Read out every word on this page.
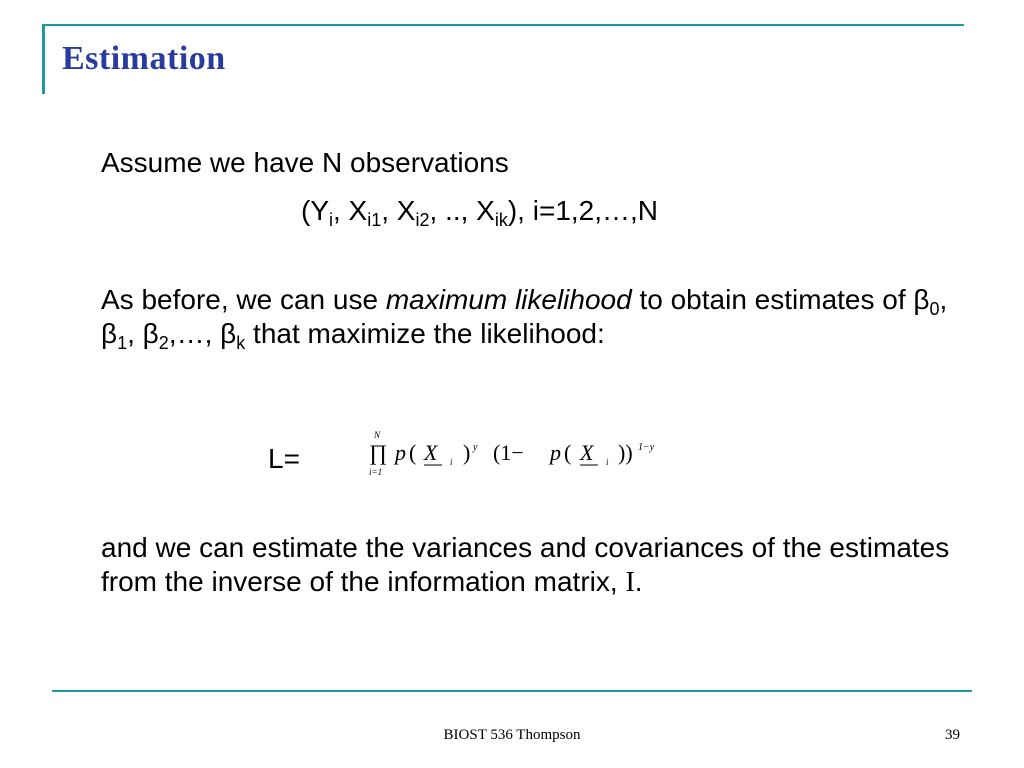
Estimation
Assume we have N observations
($Y_i$, $X_{i1}$, $X_{i2}$, .., $X_{ik}$), i=1,2,…,N
As before, we can use maximum likelihood to obtain estimates of $\beta_0$, $\beta_1$, $\beta_2,\dots$, $\beta_k$ that maximize the likelihood:
L=
N
∏
i=1
p ( X i ) y (1− p ( X i )) 1−y
and we can estimate the variances and covariances of the estimates from the inverse of the information matrix, I.
BIOST 536 Thompson	39
